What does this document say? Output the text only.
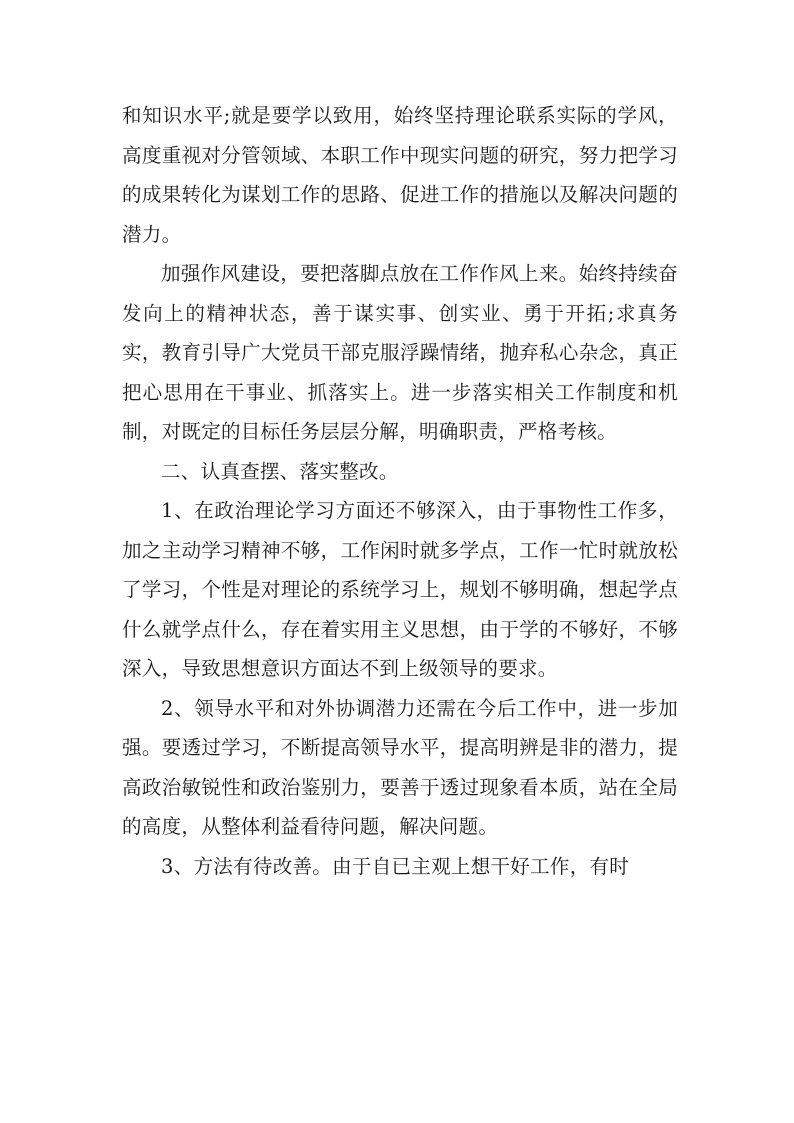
和知识水平;就是要学以致用，始终坚持理论联系实际的学风，高度重视对分管领域、本职工作中现实问题的研究，努力把学习的成果转化为谋划工作的思路、促进工作的措施以及解决问题的潜力。

加强作风建设，要把落脚点放在工作作风上来。始终持续奋发向上的精神状态，善于谋实事、创实业、勇于开拓;求真务实，教育引导广大党员干部克服浮躁情绪，抛弃私心杂念，真正把心思用在干事业、抓落实上。进一步落实相关工作制度和机制，对既定的目标任务层层分解，明确职责，严格考核。

二、认真查摆、落实整改。

1、在政治理论学习方面还不够深入，由于事物性工作多，加之主动学习精神不够，工作闲时就多学点，工作一忙时就放松了学习，个性是对理论的系统学习上，规划不够明确，想起学点什么就学点什么，存在着实用主义思想，由于学的不够好，不够深入，导致思想意识方面达不到上级领导的要求。

2、领导水平和对外协调潜力还需在今后工作中，进一步加强。要透过学习，不断提高领导水平，提高明辨是非的潜力，提高政治敏锐性和政治鉴别力，要善于透过现象看本质，站在全局的高度，从整体利益看待问题，解决问题。

3、方法有待改善。由于自已主观上想干好工作，有时
